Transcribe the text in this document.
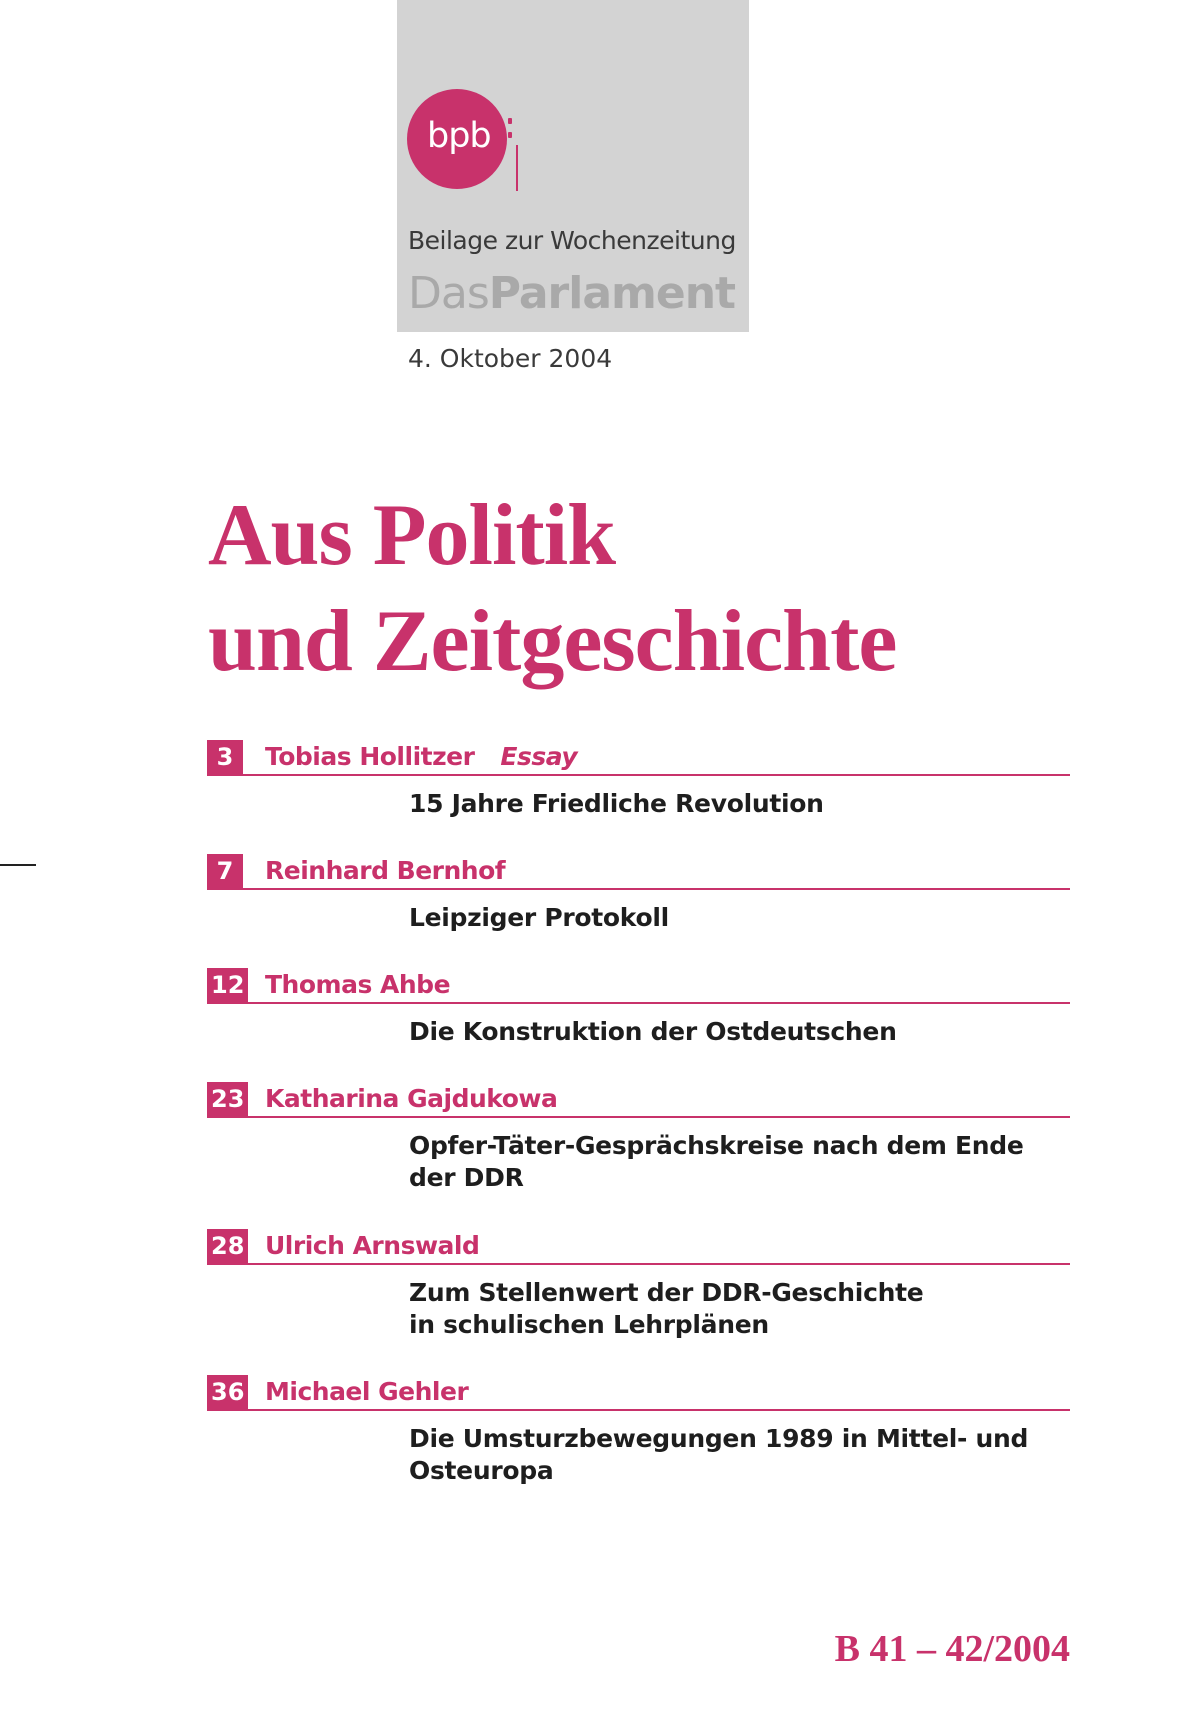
bpb
Beilage zur Wochenzeitung
DasParlament
4. Oktober 2004
Aus Politik
und Zeitgeschichte
3	Tobias Hollitzer Essay
15 Jahre Friedliche Revolution
7	Reinhard Bernhof
Leipziger Protokoll
12 Thomas Ahbe
Die Konstruktion der Ostdeutschen
23 Katharina Gajdukowa
Opfer-Täter-Gesprächskreise nach dem Ende der DDR
28 Ulrich Arnswald
Zum Stellenwert der DDR-Geschichte in schulischen Lehrplänen
36 Michael Gehler
Die Umsturzbewegungen 1989 in Mittel- und Osteuropa
B 41 – 42/2004
